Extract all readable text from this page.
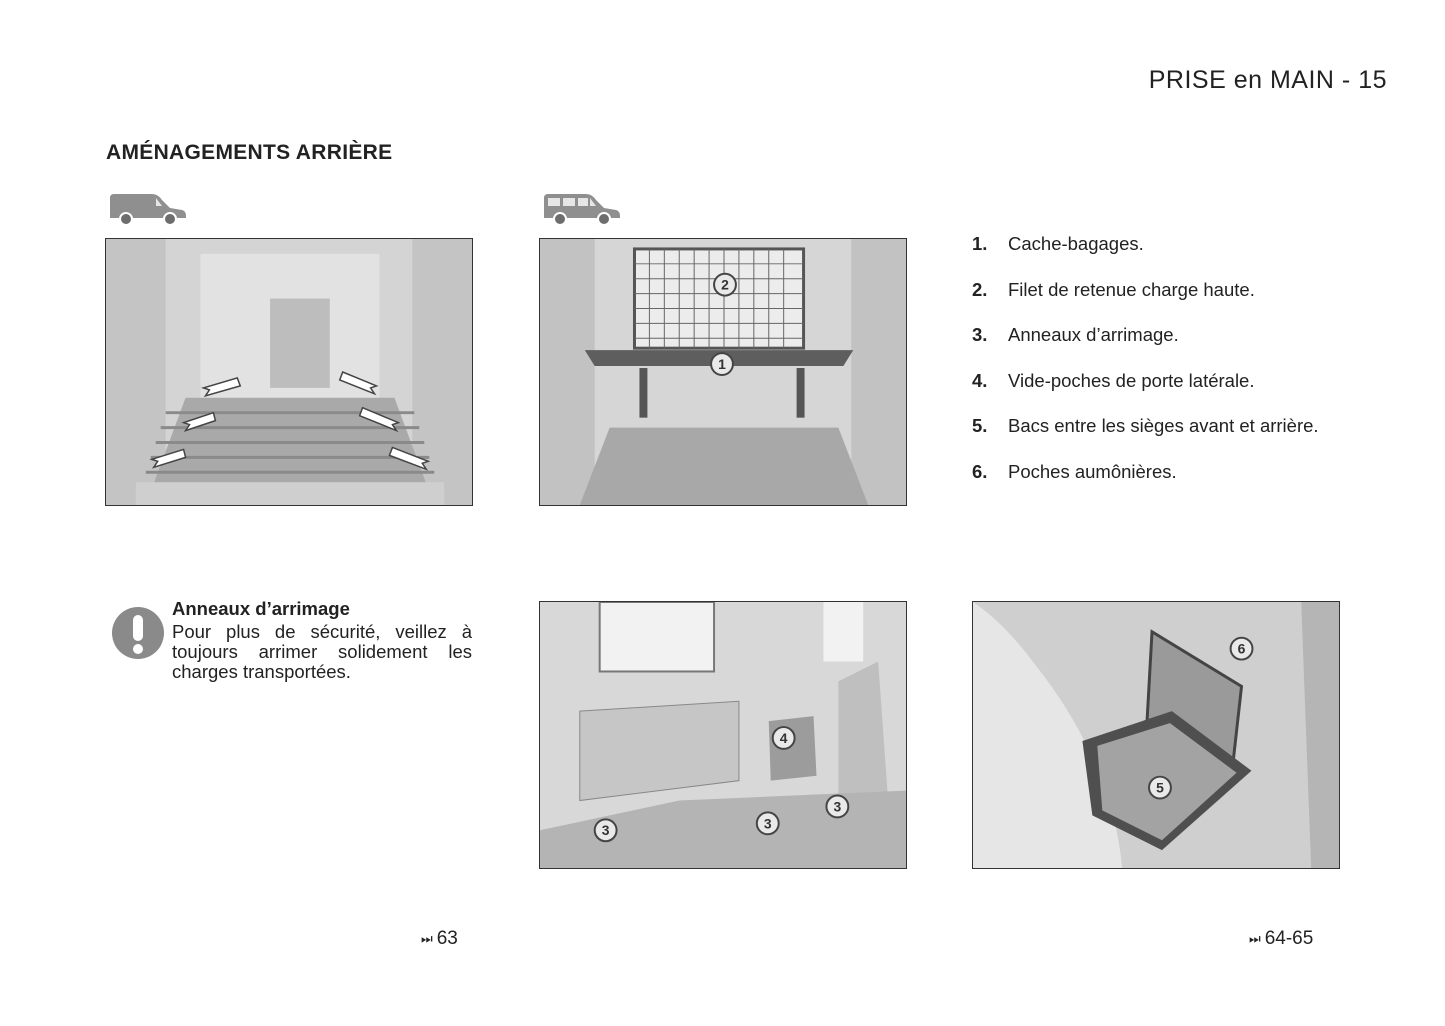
PRISE en MAIN - 15
AMÉNAGEMENTS ARRIÈRE
2
1
1.	Cache-bagages.
2.	Filet de retenue charge haute.
3.	Anneaux d’arrimage.
4.	Vide-poches de porte latérale.
5.	Bacs entre les sièges avant et arrière.
6.	Poches aumônières.
Anneaux d’arrimage
Pour plus de sécurité, veillez à toujours arrimer solidement les charges transportées.
4
3
3
3
6
5
⏭ 63	⏭ 64-65
